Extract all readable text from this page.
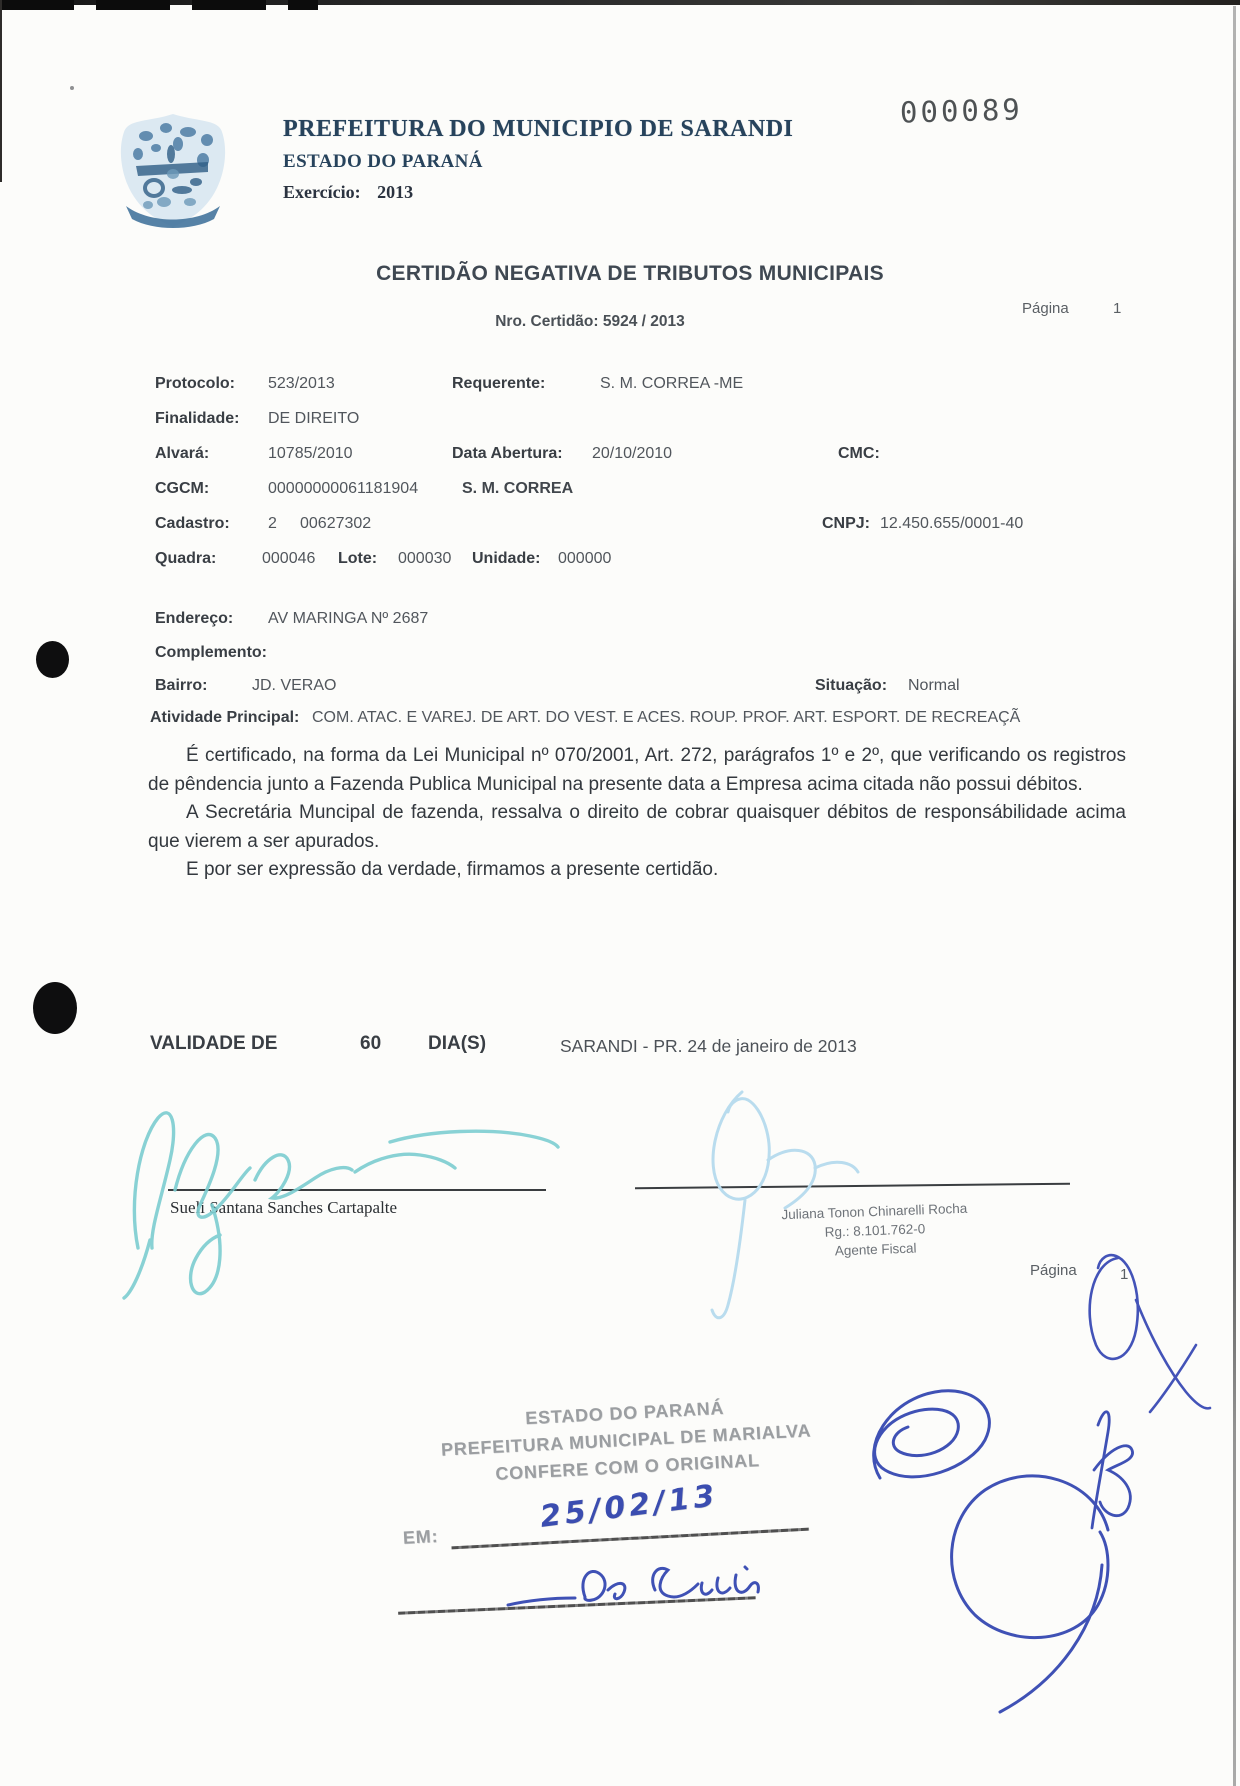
PREFEITURA DO MUNICIPIO DE SARANDI
ESTADO DO PARANÁ
Exercício: 2013
000089
CERTIDÃO NEGATIVA DE TRIBUTOS MUNICIPAIS
Nro. Certidão: 5924 / 2013
Página	1
Protocolo: 523/2013	Requerente:	S. M. CORREA -ME
Finalidade: DE DIREITO
Alvará:	10785/2010	Data Abertura: 20/10/2010	CMC:
CGCM:	00000000061181904	S. M. CORREA
Cadastro: 2 00627302	CNPJ: 12.450.655/0001-40
Quadra:	000046 Lote: 000030 Unidade: 000000
Endereço: AV MARINGA Nº 2687
Complemento:
Bairro:	JD. VERAO	Situação: Normal
Atividade Principal: COM. ATAC. E VAREJ. DE ART. DO VEST. E ACES. ROUP. PROF. ART. ESPORT. DE RECREAÇÃ

É certificado, na forma da Lei Municipal nº 070/2001, Art. 272, parágrafos 1º e 2º, que verificando os registros de pêndencia junto a Fazenda Publica Municipal na presente data a Empresa acima citada não possui débitos.

A Secretária Muncipal de fazenda, ressalva o direito de cobrar quaisquer débitos de responsábilidade acima que vierem a ser apurados.

E por ser expressão da verdade, firmamos a presente certidão.

VALIDADE DE	60 DIA(S)	SARANDI - PR. 24 de janeiro de 2013
Sueli Santana Sanches Cartapalte	Juliana Tonon Chinarelli Rocha
Rg.: 8.101.762-0
Agente Fiscal
Página	1
ESTADO DO PARANÁ
PREFEITURA MUNICIPAL DE MARIALVA
CONFERE COM O ORIGINAL
EM:
25/02/13
